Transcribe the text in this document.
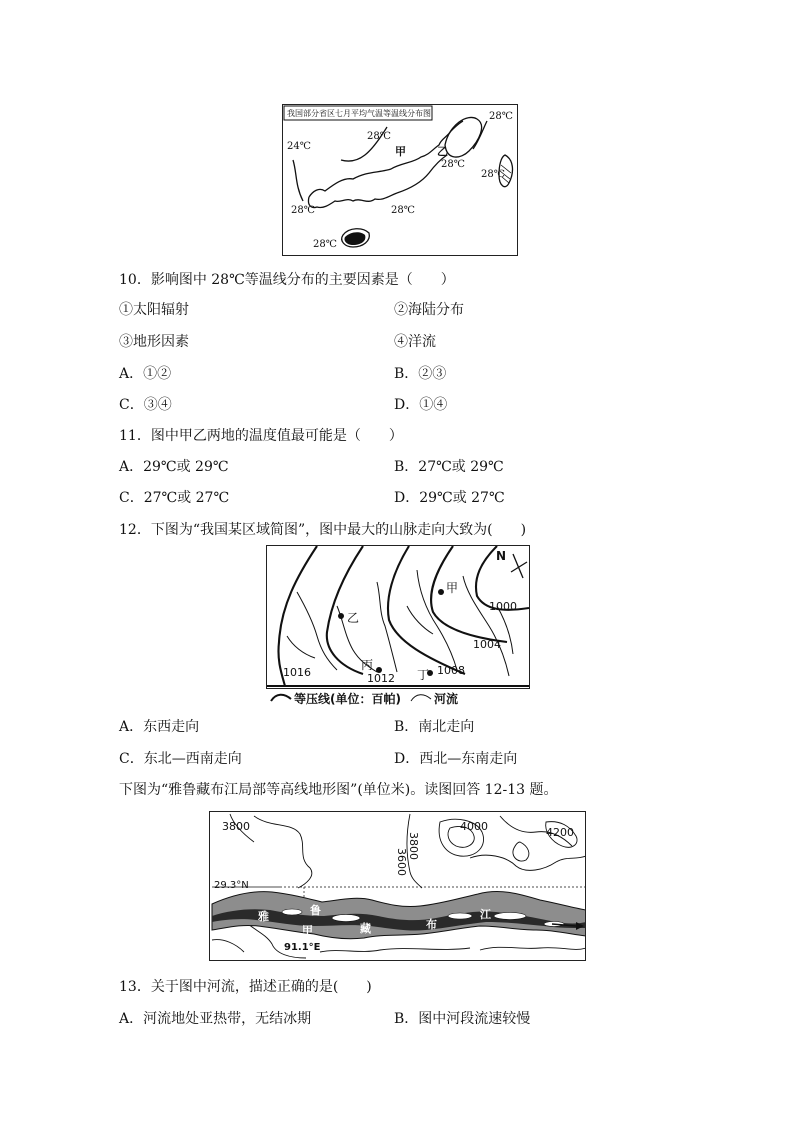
我国部分省区七月平均气温等温线分布图	28℃
28℃
24℃	甲	乙
28℃
28℃
28℃	28℃
28℃
10．影响图中 28℃等温线分布的主要因素是（　　）
①太阳辐射	②海陆分布
③地形因素	④洋流
A．①②	B．②③
C．③④	D．①④
11．图中甲乙两地的温度值最可能是（　　）
A．29℃或 29℃	B．27℃或 29℃
C．27℃或 27℃	D．29℃或 27℃
12．下图为“我国某区域简图”，图中最大的山脉走向大致为(　　)
N
甲
乙
丙
丁
1000
1004
1008
1012
1016
等压线(单位：百帕)	河流
A．东西走向	B．南北走向
C．东北—西南走向	D．西北—东南走向
下图为“雅鲁藏布江局部等高线地形图”(单位米)。读图回答 12-13 题。
3800
3800
3600
4000	4200
29.3°N
91.1°E
雅	鲁
甲	藏	布
江
13．关于图中河流，描述正确的是(　　)
A．河流地处亚热带，无结冰期	B．图中河段流速较慢
